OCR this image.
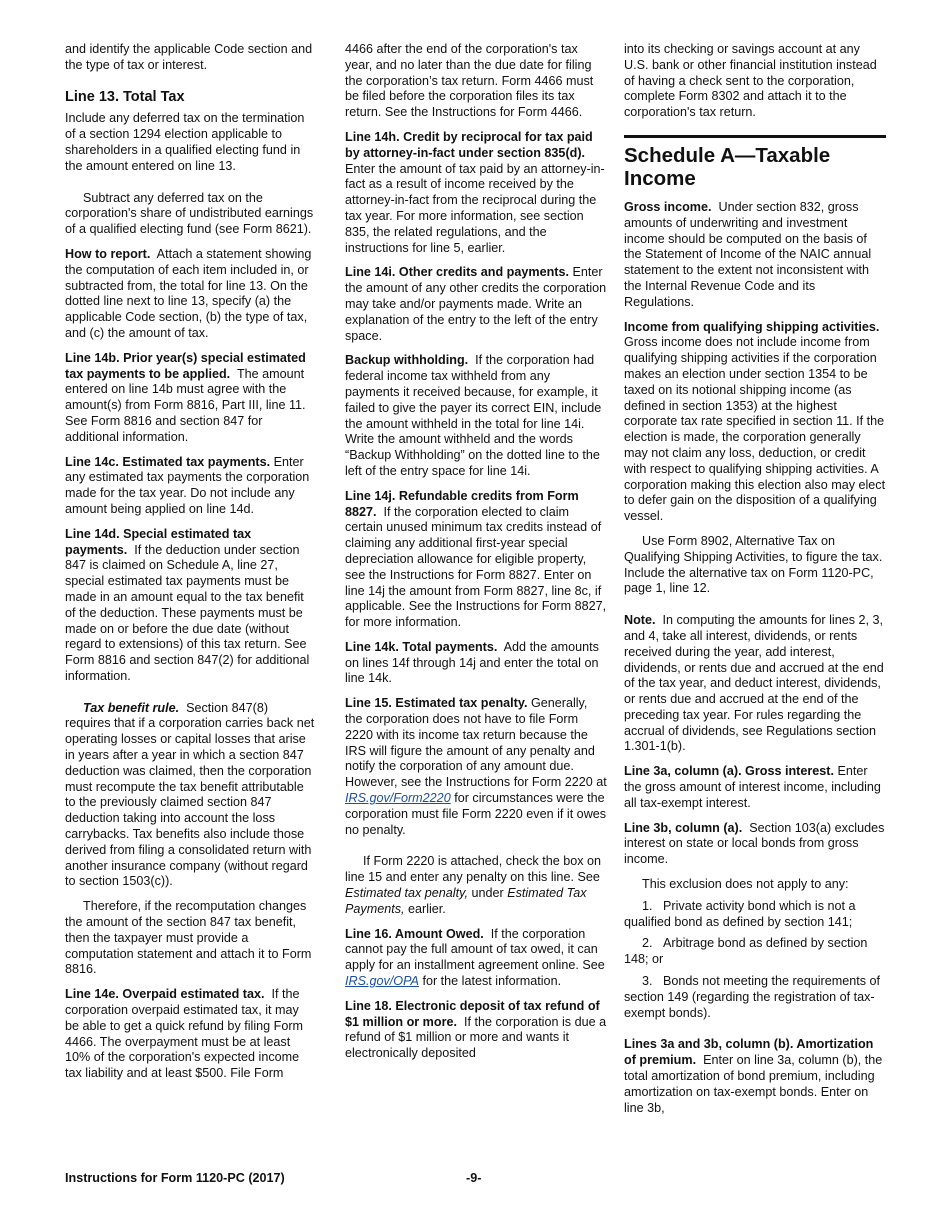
and identify the applicable Code section and the type of tax or interest.

Line 13. Total Tax

Include any deferred tax on the termination of a section 1294 election applicable to shareholders in a qualified electing fund in the amount entered on line 13.

Subtract any deferred tax on the corporation's share of undistributed earnings of a qualified electing fund (see Form 8621).

How to report. Attach a statement showing the computation of each item included in, or subtracted from, the total for line 13. On the dotted line next to line 13, specify (a) the applicable Code section, (b) the type of tax, and (c) the amount of tax.

Line 14b. Prior year(s) special estimated tax payments to be applied. The amount entered on line 14b must agree with the amount(s) from Form 8816, Part III, line 11. See Form 8816 and section 847 for additional information.

Line 14c. Estimated tax payments. Enter any estimated tax payments the corporation made for the tax year. Do not include any amount being applied on line 14d.

Line 14d. Special estimated tax payments. If the deduction under section 847 is claimed on Schedule A, line 27, special estimated tax payments must be made in an amount equal to the tax benefit of the deduction. These payments must be made on or before the due date (without regard to extensions) of this tax return. See Form 8816 and section 847(2) for additional information.

Tax benefit rule. Section 847(8) requires that if a corporation carries back net operating losses or capital losses that arise in years after a year in which a section 847 deduction was claimed, then the corporation must recompute the tax benefit attributable to the previously claimed section 847 deduction taking into account the loss carrybacks. Tax benefits also include those derived from filing a consolidated return with another insurance company (without regard to section 1503(c)).

Therefore, if the recomputation changes the amount of the section 847 tax benefit, then the taxpayer must provide a computation statement and attach it to Form 8816.

Line 14e. Overpaid estimated tax. If the corporation overpaid estimated tax, it may be able to get a quick refund by filing Form 4466. The overpayment must be at least 10% of the corporation's expected income tax liability and at least $500. File Form

4466 after the end of the corporation's tax year, and no later than the due date for filing the corporation’s tax return. Form 4466 must be filed before the corporation files its tax return. See the Instructions for Form 4466.

Line 14h. Credit by reciprocal for tax paid by attorney-in-fact under section 835(d).  Enter the amount of tax paid by an attorney-in-fact as a result of income received by the attorney-in-fact from the reciprocal during the tax year. For more information, see section 835, the related regulations, and the instructions for line 5, earlier.

Line 14i. Other credits and payments. Enter the amount of any other credits the corporation may take and/or payments made. Write an explanation of the entry to the left of the entry space.

Backup withholding. If the corporation had federal income tax withheld from any payments it received because, for example, it failed to give the payer its correct EIN, include the amount withheld in the total for line 14i. Write the amount withheld and the words “Backup Withholding” on the dotted line to the left of the entry space for line 14i.

Line 14j. Refundable credits from Form 8827. If the corporation elected to claim certain unused minimum tax credits instead of claiming any additional first-year special depreciation allowance for eligible property, see the Instructions for Form 8827. Enter on line 14j the amount from Form 8827, line 8c, if applicable. See the Instructions for Form 8827, for more information.

Line 14k. Total payments. Add the amounts on lines 14f through 14j and enter the total on line 14k.

Line 15. Estimated tax penalty. Generally, the corporation does not have to file Form 2220 with its income tax return because the IRS will figure the amount of any penalty and notify the corporation of any amount due. However, see the Instructions for Form 2220 at IRS.gov/Form2220 for circumstances were the corporation must file Form 2220 even if it owes no penalty.

If Form 2220 is attached, check the box on line 15 and enter any penalty on this line. See Estimated tax penalty, under Estimated Tax Payments, earlier.

Line 16. Amount Owed. If the corporation cannot pay the full amount of tax owed, it can apply for an installment agreement online. See IRS.gov/OPA for the latest information.

Line 18. Electronic deposit of tax refund of $1 million or more. If the corporation is due a refund of $1 million or more and wants it electronically deposited

into its checking or savings account at any U.S. bank or other financial institution instead of having a check sent to the corporation, complete Form 8302 and attach it to the corporation's tax return.

Schedule A—Taxable Income

Gross income. Under section 832, gross amounts of underwriting and investment income should be computed on the basis of the Statement of Income of the NAIC annual statement to the extent not inconsistent with the Internal Revenue Code and its Regulations.

Income from qualifying shipping activities.  Gross income does not include income from qualifying shipping activities if the corporation makes an election under section 1354 to be taxed on its notional shipping income (as defined in section 1353) at the highest corporate tax rate specified in section 11. If the election is made, the corporation generally may not claim any loss, deduction, or credit with respect to qualifying shipping activities. A corporation making this election also may elect to defer gain on the disposition of a qualifying vessel.

Use Form 8902, Alternative Tax on Qualifying Shipping Activities, to figure the tax. Include the alternative tax on Form 1120-PC, page 1, line 12.

Note. In computing the amounts for lines 2, 3, and 4, take all interest, dividends, or rents received during the year, add interest, dividends, or rents due and accrued at the end of the tax year, and deduct interest, dividends, or rents due and accrued at the end of the preceding tax year. For rules regarding the accrual of dividends, see Regulations section 1.301-1(b).

Line 3a, column (a). Gross interest. Enter the gross amount of interest income, including all tax-exempt interest.

Line 3b, column (a). Section 103(a) excludes interest on state or local bonds from gross income.

This exclusion does not apply to any:

1.   Private activity bond which is not a qualified bond as defined by section 141;

2.   Arbitrage bond as defined by section 148; or

3.   Bonds not meeting the requirements of section 149 (regarding the registration of tax-exempt bonds).

Lines 3a and 3b, column (b). Amortization of premium. Enter on line 3a, column (b), the total amortization of bond premium, including amortization on tax-exempt bonds. Enter on line 3b,

Instructions for Form 1120-PC (2017)	-9-
